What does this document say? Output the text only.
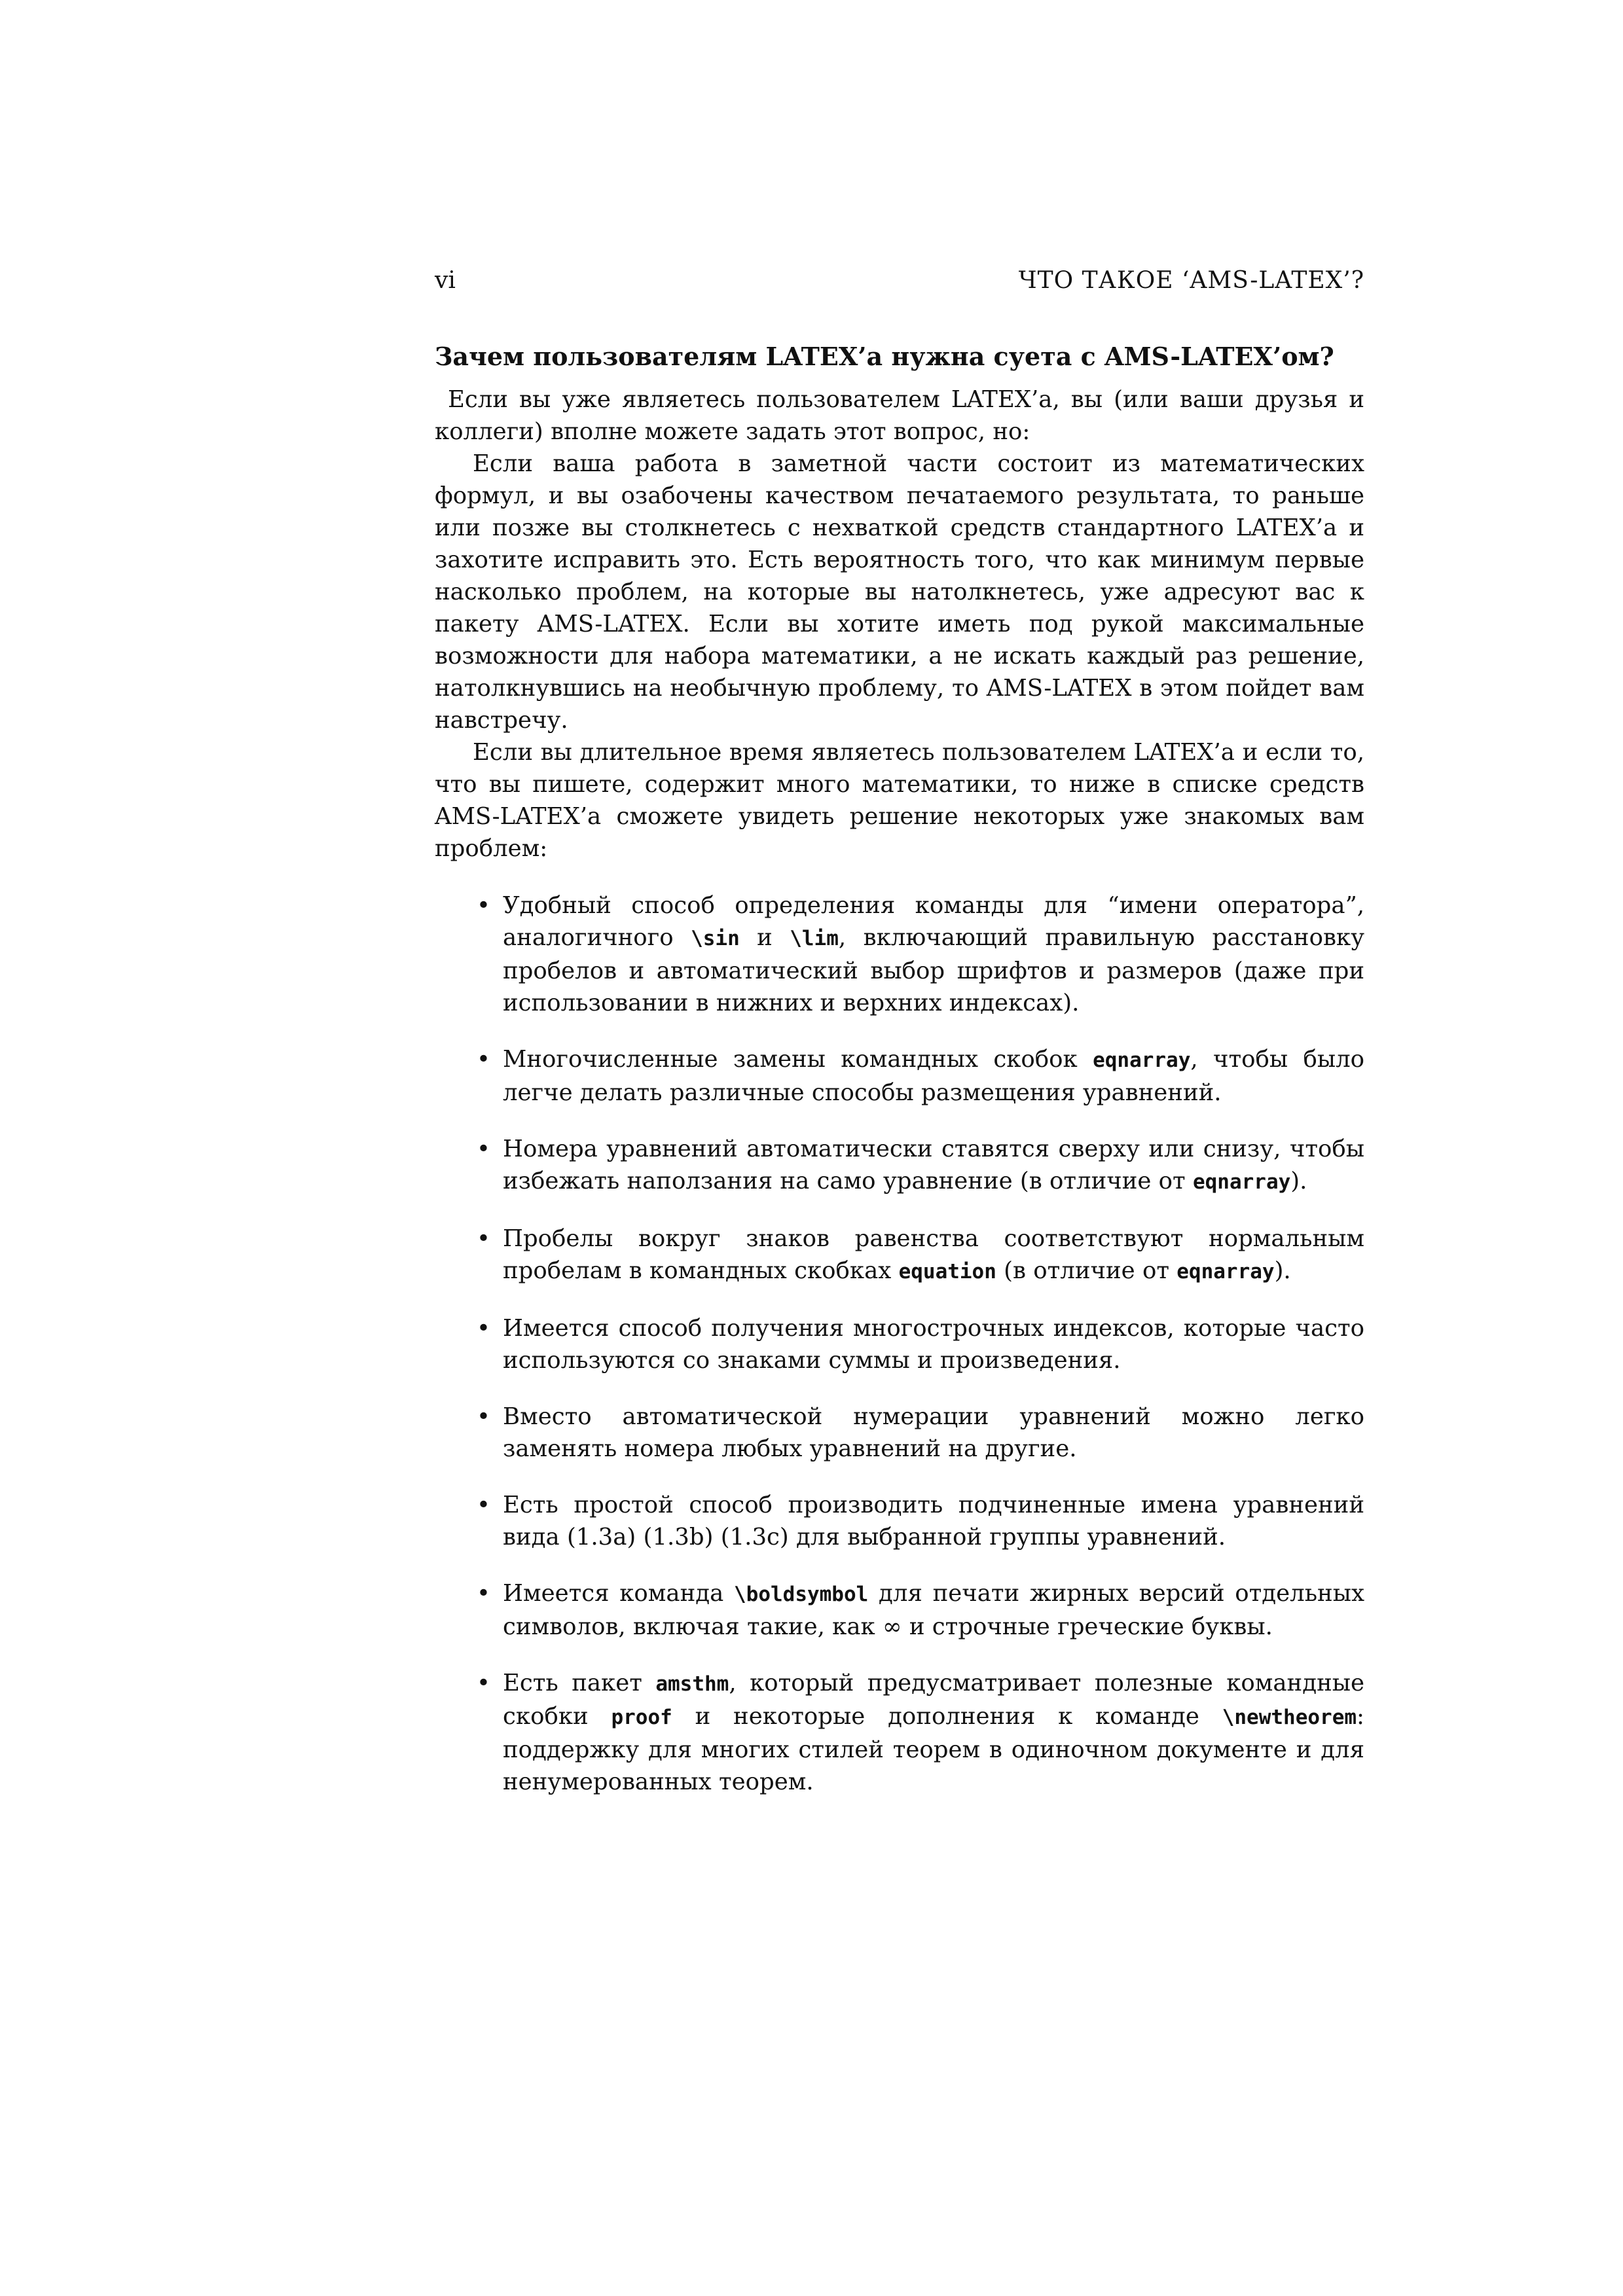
vi	ЧТО ТАКОЕ ‘AMS-LATEX’?
Зачем пользователям LATEX’а нужна суета с AMS-LATEX’ом?

Если вы уже являетесь пользователем LATEX’а, вы (или ваши друзья и коллеги) вполне можете задать этот вопрос, но:

Если ваша работа в заметной части состоит из математических формул, и вы озабочены качеством печатаемого результата, то раньше или позже вы столкнетесь с нехваткой средств стандартного LATEX’а и захотите исправить это. Есть вероятность того, что как минимум первые насколько проблем, на которые вы натолкнетесь, уже адресуют вас к пакету AMS-LATEX. Если вы хотите иметь под рукой максимальные возможности для набора математики, а не искать каждый раз решение, натолкнувшись на необычную проблему, то AMS-LATEX в этом пойдет вам навстречу.

Если вы длительное время являетесь пользователем LATEX’а и если то, что вы пишете, содержит много математики, то ниже в списке средств AMS-LATEX’а сможете увидеть решение некоторых уже знакомых вам проблем:

• Удобный способ определения команды для “имени оператора”, аналогичного \sin и \lim, включающий правильную расстановку пробелов и автоматический выбор шрифтов и размеров (даже при использовании в нижних и верхних индексах).
• Многочисленные замены командных скобок eqnarray, чтобы было легче делать различные способы размещения уравнений.
• Номера уравнений автоматически ставятся сверху или снизу, чтобы избежать наползания на само уравнение (в отличие от eqnarray).
• Пробелы вокруг знаков равенства соответствуют нормальным пробелам в командных скобках equation (в отличие от eqnarray).
• Имеется способ получения многострочных индексов, которые часто используются со знаками суммы и произведения.
• Вместо автоматической нумерации уравнений можно легко заменять номера любых уравнений на другие.
• Есть простой способ производить подчиненные имена уравнений вида (1.3a) (1.3b) (1.3c) для выбранной группы уравнений.
• Имеется команда \boldsymbol для печати жирных версий отдельных символов, включая такие, как ∞ и строчные греческие буквы.
• Есть пакет amsthm, который предусматривает полезные командные скобки proof и некоторые дополнения к команде \newtheorem: поддержку для многих стилей теорем в одиночном документе и для ненумерованных теорем.
